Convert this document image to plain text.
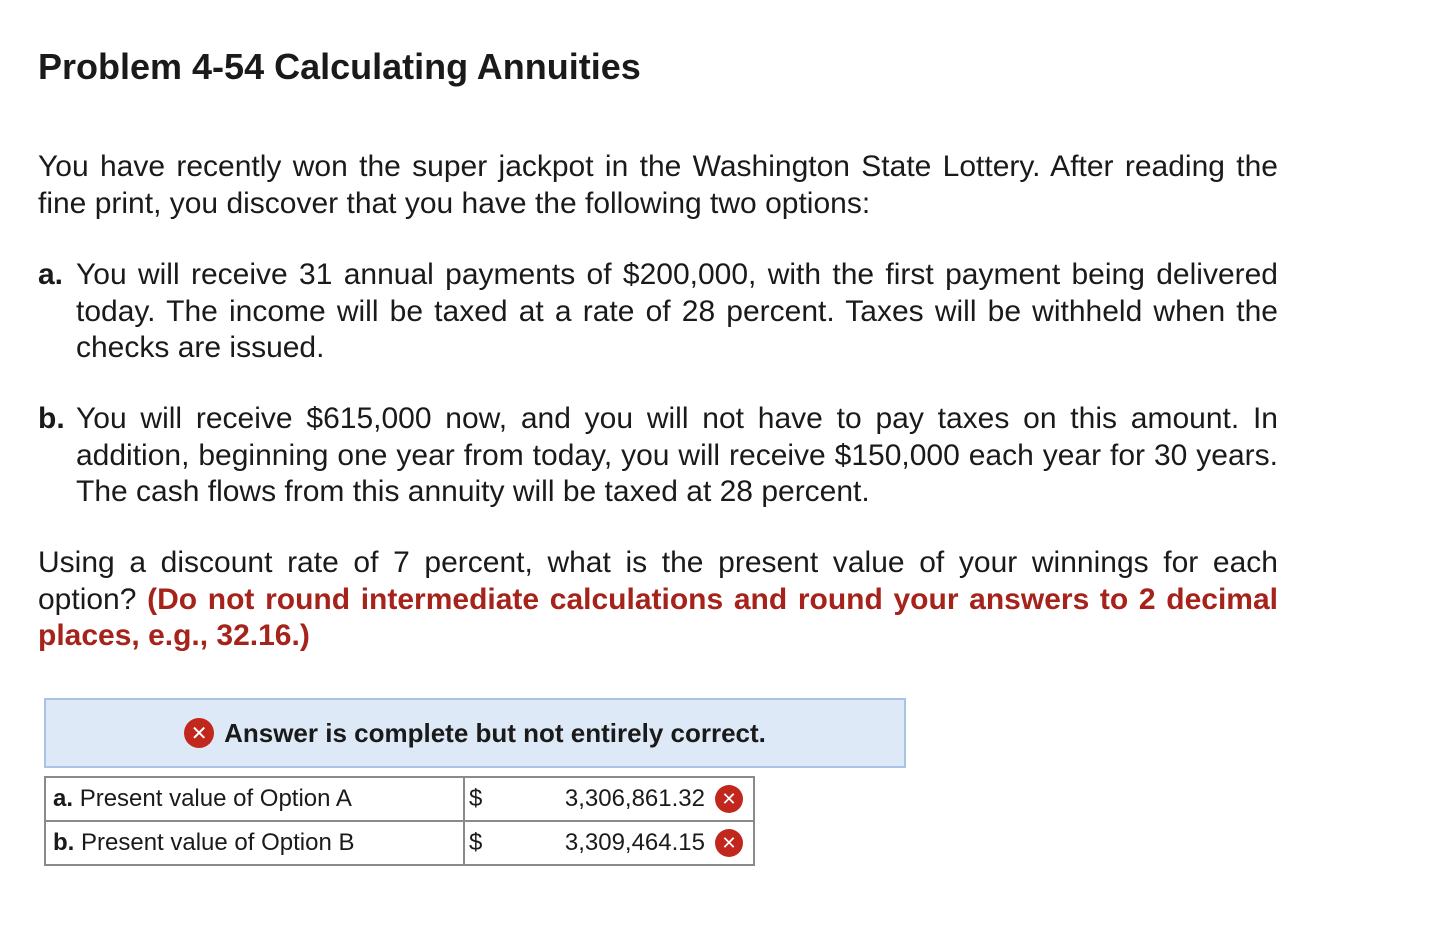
Problem 4-54 Calculating Annuities

You have recently won the super jackpot in the Washington State Lottery. After reading the fine print, you discover that you have the following two options:

a. You will receive 31 annual payments of $200,000, with the first payment being delivered today. The income will be taxed at a rate of 28 percent. Taxes will be withheld when the checks are issued.
b. You will receive $615,000 now, and you will not have to pay taxes on this amount. In addition, beginning one year from today, you will receive $150,000 each year for 30 years. The cash flows from this annuity will be taxed at 28 percent.

Using a discount rate of 7 percent, what is the present value of your winnings for each option? (Do not round intermediate calculations and round your answers to 2 decimal places, e.g., 32.16.)

✕ Answer is complete but not entirely correct.
a. Present value of Option A	$ 3,306,861.32 ✕

b. Present value of Option B	$ 3,309,464.15 ✕
